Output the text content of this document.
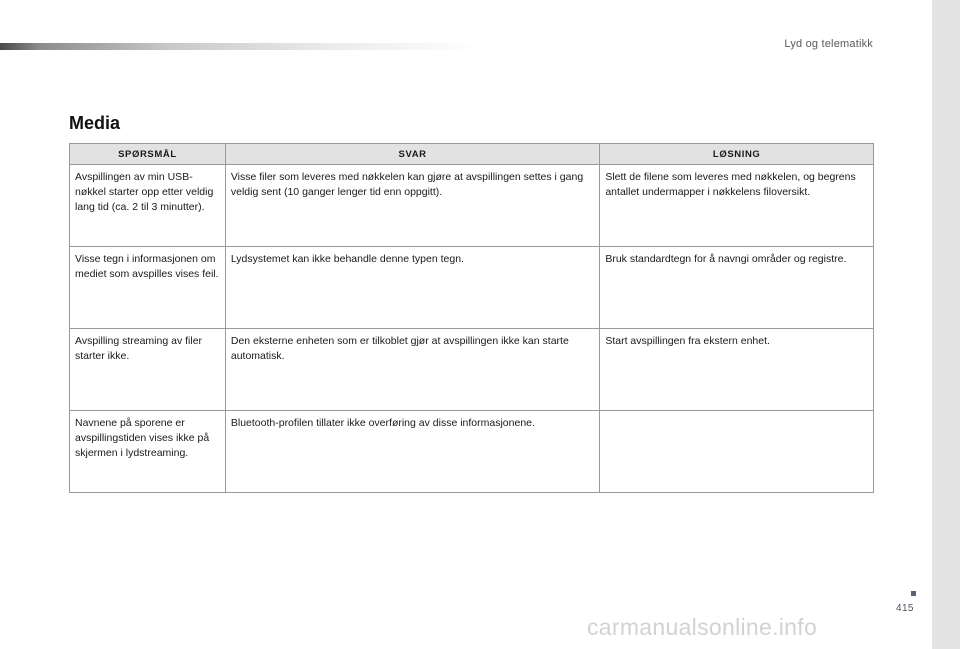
Lyd og telematikk
Media
SPØRSMÅL	SVAR	LØSNING
Avspillingen av min USB-nøkkel starter opp etter veldig lang tid (ca. 2 til 3 minutter).	Visse filer som leveres med nøkkelen kan gjøre at avspillingen settes i gang veldig sent (10 ganger lenger tid enn oppgitt).	Slett de filene som leveres med nøkkelen, og begrens antallet undermapper i nøkkelens filoversikt.
Visse tegn i informasjonen om mediet som avspilles vises feil.	Lydsystemet kan ikke behandle denne typen tegn.	Bruk standardtegn for å navngi områder og registre.
Avspilling streaming av filer starter ikke.	Den eksterne enheten som er tilkoblet gjør at avspillingen ikke kan starte automatisk.	Start avspillingen fra ekstern enhet.
Navnene på sporene er avspillingstiden vises ikke på skjermen i lydstreaming.	Bluetooth-profilen tillater ikke overføring av disse informasjonene.	
415
carmanualsonline.info
